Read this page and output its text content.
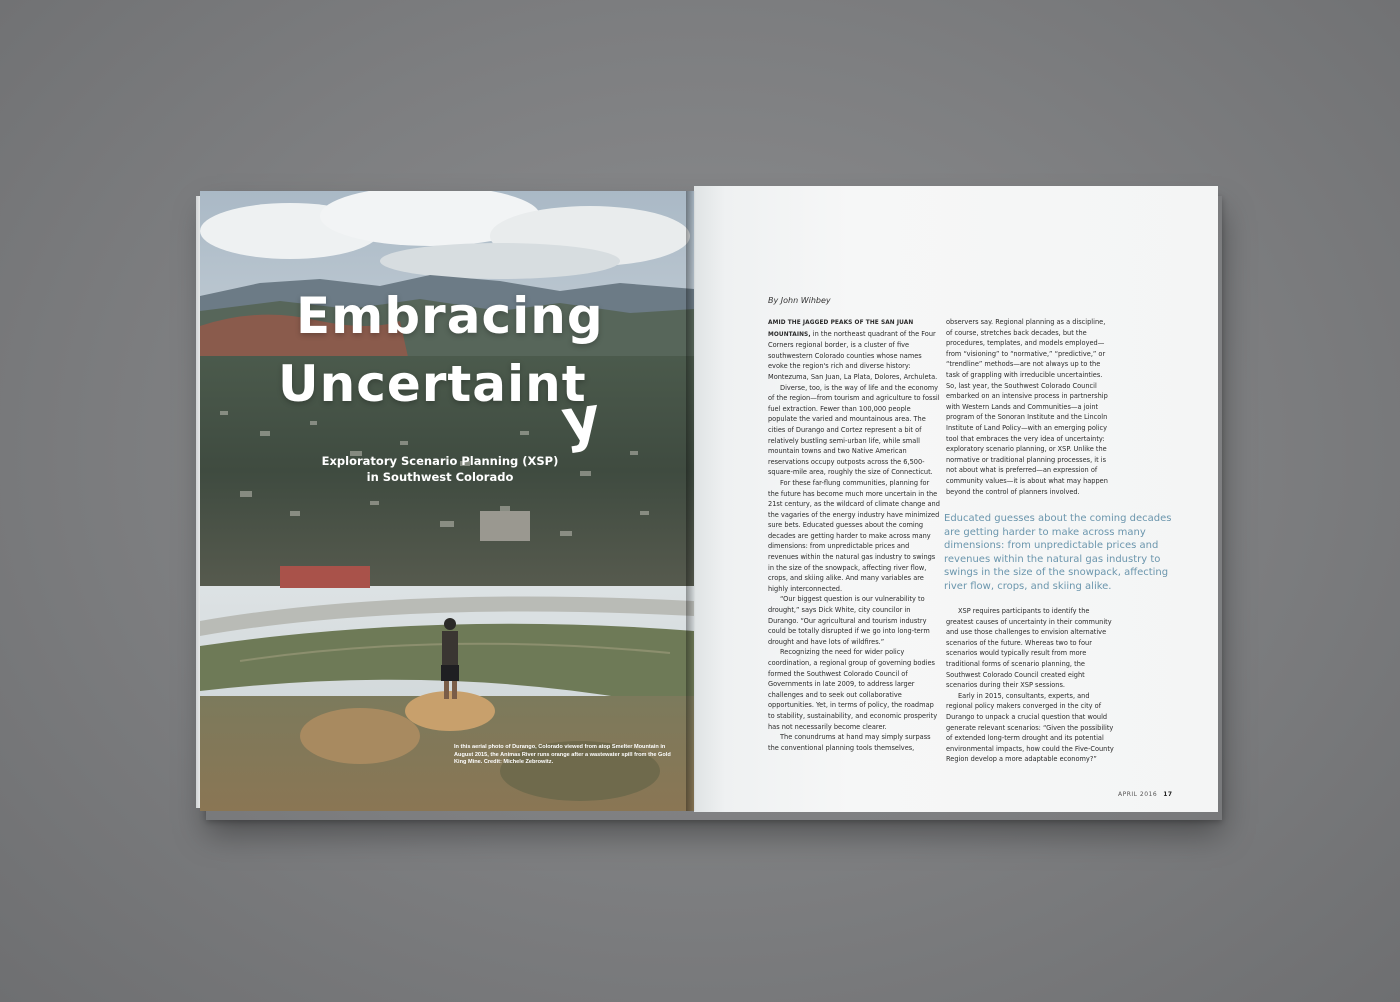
Embracing
Uncertaint
y
Exploratory Scenario Planning (XSP)
in Southwest Colorado
In this aerial photo of Durango, Colorado viewed from atop Smelter Mountain in August 2015, the Animas River runs orange after a wastewater spill from the Gold King Mine. Credit: Michele Zebrowitz.
By John Wihbey

AMID THE JAGGED PEAKS OF THE SAN JUAN MOUNTAINS, in the northeast quadrant of the Four Corners regional border, is a cluster of five southwestern Colorado counties whose names evoke the region's rich and diverse history: Montezuma, San Juan, La Plata, Dolores, Archuleta.

Diverse, too, is the way of life and the economy of the region—from tourism and agriculture to fossil fuel extraction. Fewer than 100,000 people populate the varied and mountainous area. The cities of Durango and Cortez represent a bit of relatively bustling semi-urban life, while small mountain towns and two Native American reservations occupy outposts across the 6,500-square-mile area, roughly the size of Connecticut.

For these far-flung communities, planning for the future has become much more uncertain in the 21st century, as the wildcard of climate change and the vagaries of the energy industry have minimized sure bets. Educated guesses about the coming decades are getting harder to make across many dimensions: from unpredictable prices and revenues within the natural gas industry to swings in the size of the snowpack, affecting river flow, crops, and skiing alike. And many variables are highly interconnected.

“Our biggest question is our vulnerability to drought,” says Dick White, city councilor in Durango. “Our agricultural and tourism industry could be totally disrupted if we go into long-term drought and have lots of wildfires.”

Recognizing the need for wider policy coordination, a regional group of governing bodies formed the Southwest Colorado Council of Governments in late 2009, to address larger challenges and to seek out collaborative opportunities. Yet, in terms of policy, the roadmap to stability, sustainability, and economic prosperity has not necessarily become clearer.

The conundrums at hand may simply surpass the conventional planning tools themselves,

observers say. Regional planning as a discipline, of course, stretches back decades, but the procedures, templates, and models employed—from “visioning” to “normative,” “predictive,” or “trendline” methods—are not always up to the task of grappling with irreducible uncertainties. So, last year, the Southwest Colorado Council embarked on an intensive process in partnership with Western Lands and Communities—a joint program of the Sonoran Institute and the Lincoln Institute of Land Policy—with an emerging policy tool that embraces the very idea of uncertainty: exploratory scenario planning, or XSP. Unlike the normative or traditional planning processes, it is not about what is preferred—an expression of community values—it is about what may happen beyond the control of planners involved.

Educated guesses about the coming decades are getting harder to make across many dimensions: from unpredictable prices and revenues within the natural gas industry to swings in the size of the snowpack, affecting river flow, crops, and skiing alike.

XSP requires participants to identify the greatest causes of uncertainty in their community and use those challenges to envision alternative scenarios of the future. Whereas two to four scenarios would typically result from more traditional forms of scenario planning, the Southwest Colorado Council created eight scenarios during their XSP sessions.

Early in 2015, consultants, experts, and regional policy makers converged in the city of Durango to unpack a crucial question that would generate relevant scenarios: “Given the possibility of extended long-term drought and its potential environmental impacts, how could the Five-County Region develop a more adaptable economy?”

APRIL 2016 17
